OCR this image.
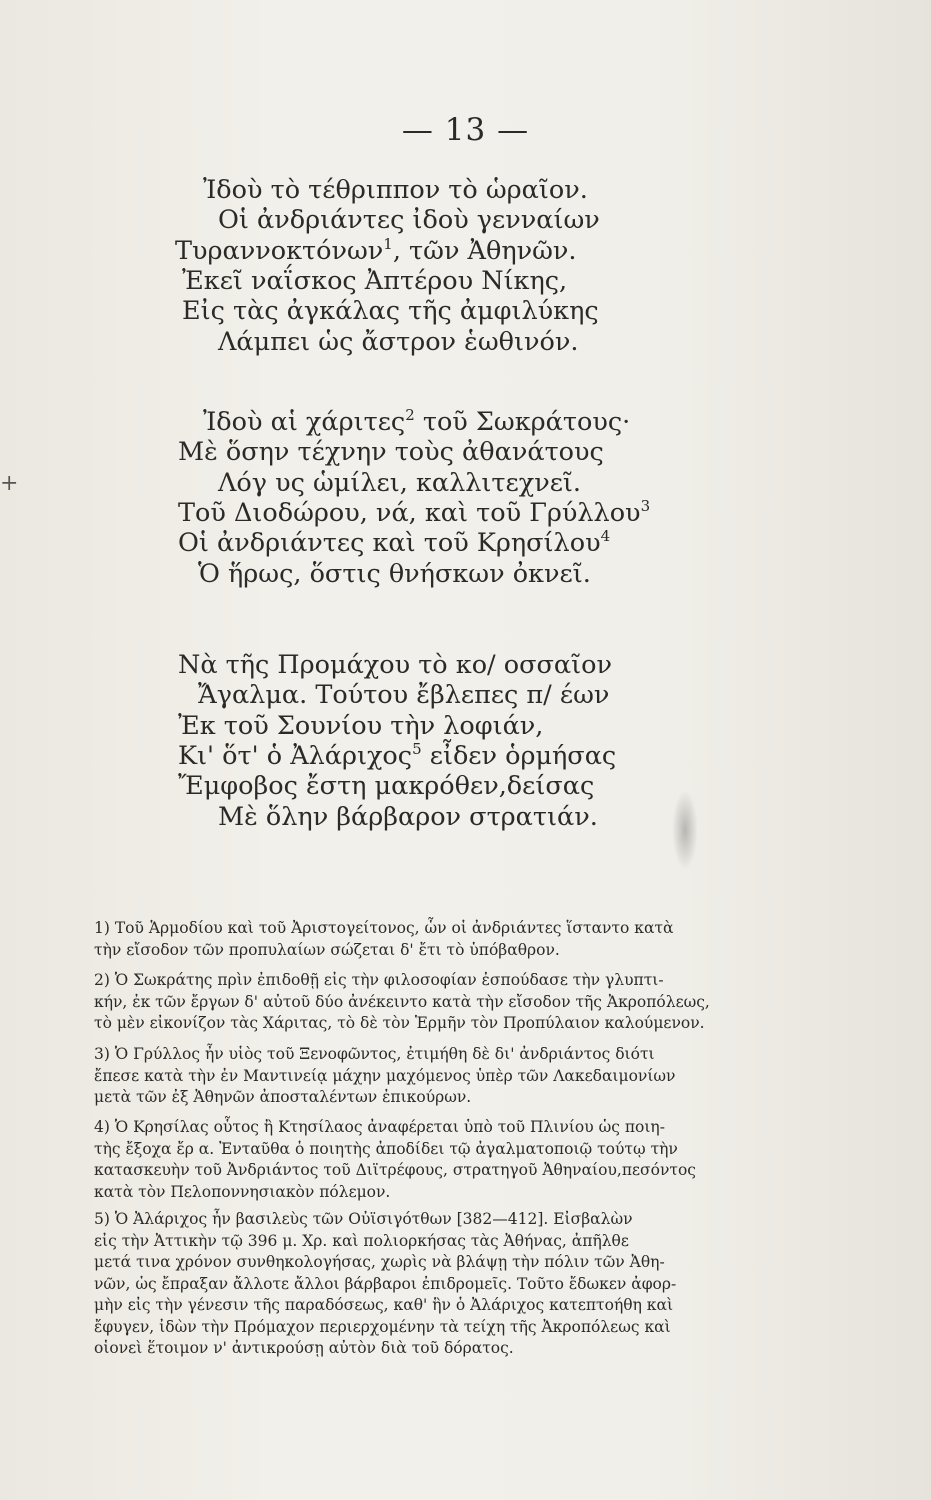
— 13 —
+
Ἰδοὺ τὸ τέθριππον τὸ ὡραῖον.
Οἱ ἀνδριάντες ἰδοὺ γενναίων
Τυραννοκτόνων$^1$, τῶν Ἀθηνῶν.
Ἐκεῖ ναΐσκος Ἀπτέρου Νίκης,
Εἰς τὰς ἀγκάλας τῆς ἀμφιλύκης
Λάμπει ὡς ἄστρον ἑωθινόν.
Ἰδοὺ αἱ χάριτες$^2$ τοῦ Σωκράτους·
Μὲ ὅσην τέχνην τοὺς ἀθανάτους
Λόγ υς ὡμίλει, καλλιτεχνεῖ.
Τοῦ Διοδώρου, νά, καὶ τοῦ Γρύλλου$^3$
Οἱ ἀνδριάντες καὶ τοῦ Κρησίλου$^4$
Ὁ ἥρως, ὅστις θνήσκων ὀκνεῖ.
Νὰ τῆς Προμάχου τὸ κο/ οσσαῖον
Ἄγαλμα. Τούτου ἔβλεπες π/ έων
Ἐκ τοῦ Σουνίου τὴν λοφιάν,
Κι' ὅτ' ὁ Ἀλάριχος$^5$ εἶδεν ὁρμήσας
Ἔμφοβος ἔστη μακρόθεν,δείσας
Μὲ ὅλην βάρβαρον στρατιάν.
1) Τοῦ Ἁρμοδίου καὶ τοῦ Ἀριστογείτονος, ὧν οἱ ἀνδριάντες ἵσταντο κατὰ
τὴν εἴσοδον τῶν προπυλαίων σώζεται δ' ἔτι τὸ ὑπόβαθρον.
2) Ὁ Σωκράτης πρὶν ἐπιδοθῇ εἰς τὴν φιλοσοφίαν ἐσπούδασε τὴν γλυπτι-
κήν, ἐκ τῶν ἔργων δ' αὐτοῦ δύο ἀνέκειντο κατὰ τὴν εἴσοδον τῆς Ἀκροπόλεως,
τὸ μὲν εἰκονίζον τὰς Χάριτας, τὸ δὲ τὸν Ἑρμῆν τὸν Προπύλαιον καλούμενον.
3) Ὁ Γρύλλος ἦν υἱὸς τοῦ Ξενοφῶντος, ἐτιμήθη δὲ δι' ἀνδριάντος διότι
ἔπεσε κατὰ τὴν ἐν Μαντινείᾳ μάχην μαχόμενος ὑπὲρ τῶν Λακεδαιμονίων
μετὰ τῶν ἐξ Ἀθηνῶν ἀποσταλέντων ἐπικούρων.
4) Ὁ Κρησίλας οὗτος ἢ Κτησίλαος ἀναφέρεται ὑπὸ τοῦ Πλινίου ὡς ποιη-
τὴς ἔξοχα ἔρ α. Ἐνταῦθα ὁ ποιητὴς ἀποδίδει τῷ ἀγαλματοποιῷ τούτῳ τὴν
κατασκευὴν τοῦ Ἀνδριάντος τοῦ Διϊτρέφους, στρατηγοῦ Ἀθηναίου,πεσόντος
κατὰ τὸν Πελοποννησιακὸν πόλεμον.
5) Ὁ Ἀλάριχος ἦν βασιλεὺς τῶν Οὐϊσιγότθων [382—412]. Εἰσβαλὼν
εἰς τὴν Ἀττικὴν τῷ 396 μ. Χρ. καὶ πολιορκήσας τὰς Ἀθήνας, ἀπῆλθε
μετά τινα χρόνον συνθηκολογήσας, χωρὶς νὰ βλάψῃ τὴν πόλιν τῶν Ἀθη-
νῶν, ὡς ἔπραξαν ἄλλοτε ἄλλοι βάρβαροι ἐπιδρομεῖς. Τοῦτο ἔδωκεν ἀφορ-
μὴν εἰς τὴν γένεσιν τῆς παραδόσεως, καθ' ἣν ὁ Ἀλάριχος κατεπτοήθη καὶ
ἔφυγεν, ἰδὼν τὴν Πρόμαχον περιερχομένην τὰ τείχη τῆς Ἀκροπόλεως καὶ
οἱονεὶ ἕτοιμον ν' ἀντικρούσῃ αὐτὸν διὰ τοῦ δόρατος.
